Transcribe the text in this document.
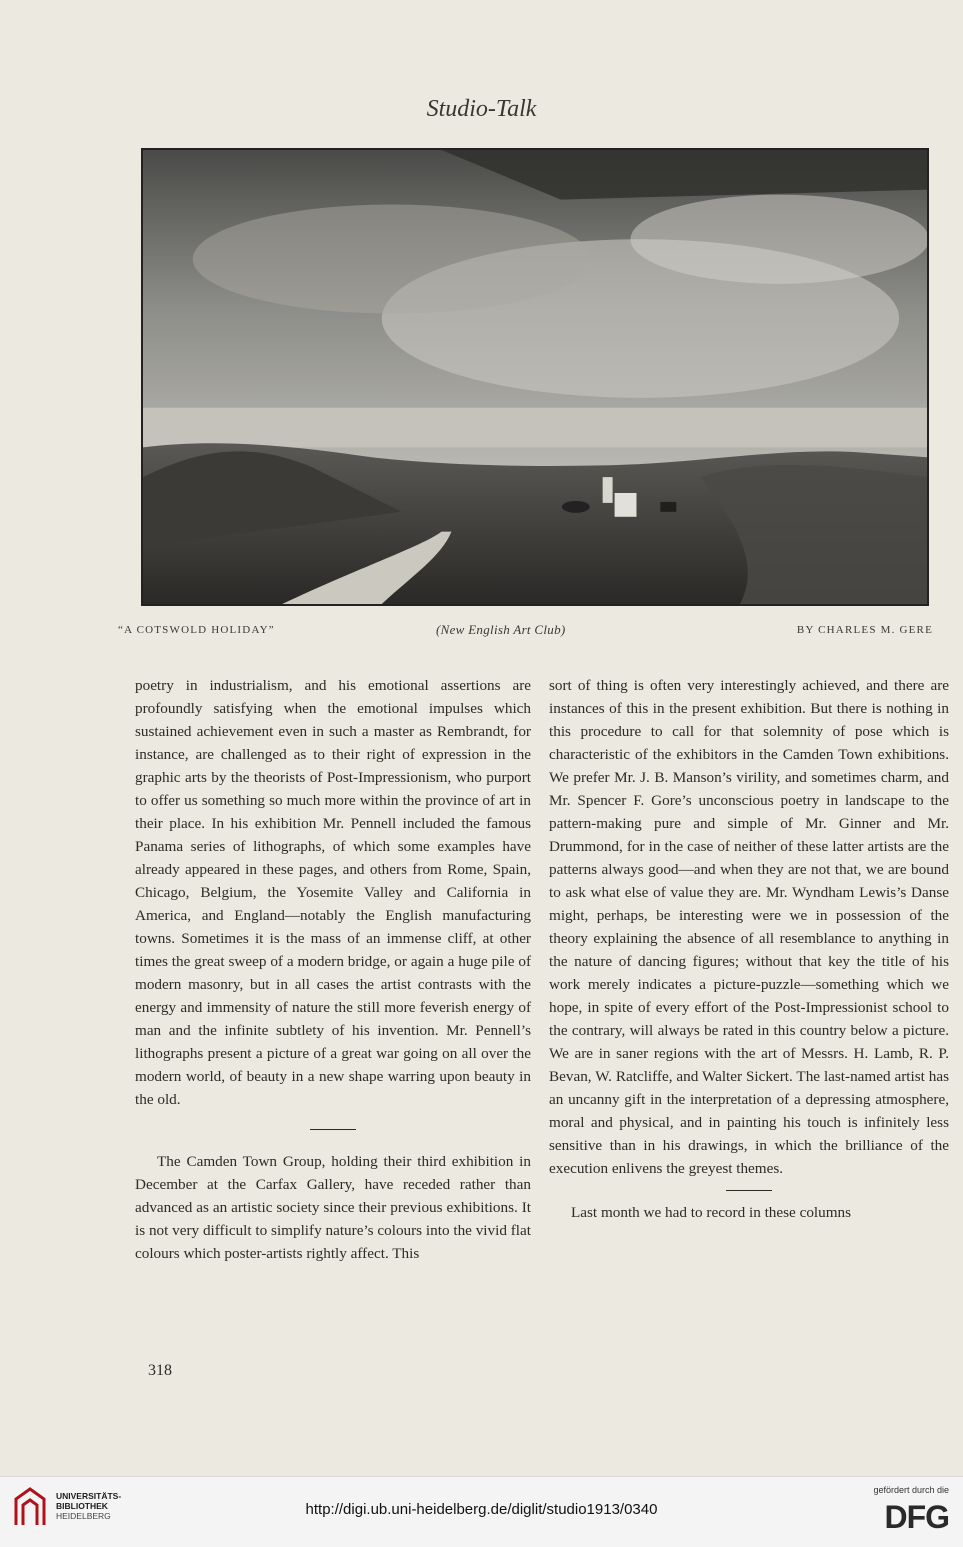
Studio-Talk
“A COTSWOLD HOLIDAY”	(New English Art Club)	BY CHARLES M. GERE

poetry in industrialism, and his emotional assertions are profoundly satisfying when the emotional impulses which sustained achievement even in such a master as Rembrandt, for instance, are challenged as to their right of expression in the graphic arts by the theorists of Post-Impressionism, who purport to offer us something so much more within the province of art in their place. In his exhibition Mr. Pennell included the famous Panama series of lithographs, of which some examples have already appeared in these pages, and others from Rome, Spain, Chicago, Belgium, the Yosemite Valley and California in America, and England—notably the English manufacturing towns. Sometimes it is the mass of an immense cliff, at other times the great sweep of a modern bridge, or again a huge pile of modern masonry, but in all cases the artist contrasts with the energy and immensity of nature the still more feverish energy of man and the infinite subtlety of his invention. Mr. Pennell’s lithographs present a picture of a great war going on all over the modern world, of beauty in a new shape warring upon beauty in the old.

The Camden Town Group, holding their third exhibition in December at the Carfax Gallery, have receded rather than advanced as an artistic society since their previous exhibitions. It is not very difficult to simplify nature’s colours into the vivid flat colours which poster-artists rightly affect. This

sort of thing is often very interestingly achieved, and there are instances of this in the present exhibition. But there is nothing in this procedure to call for that solemnity of pose which is characteristic of the exhibitors in the Camden Town exhibitions. We prefer Mr. J. B. Manson’s virility, and sometimes charm, and Mr. Spencer F. Gore’s unconscious poetry in landscape to the pattern-making pure and simple of Mr. Ginner and Mr. Drummond, for in the case of neither of these latter artists are the patterns always good—and when they are not that, we are bound to ask what else of value they are. Mr. Wyndham Lewis’s Danse might, perhaps, be interesting were we in possession of the theory explaining the absence of all resemblance to anything in the nature of dancing figures; without that key the title of his work merely indicates a picture-puzzle—something which we hope, in spite of every effort of the Post-Impressionist school to the contrary, will always be rated in this country below a picture. We are in saner regions with the art of Messrs. H. Lamb, R. P. Bevan, W. Ratcliffe, and Walter Sickert. The last-named artist has an uncanny gift in the interpretation of a depressing atmosphere, moral and physical, and in painting his touch is infinitely less sensitive than in his drawings, in which the brilliance of the execution enlivens the greyest themes.

Last month we had to record in these columns

318
UNIVERSITÄTS-
BIBLIOTHEK
HEIDELBERG	http://digi.ub.uni-heidelberg.de/diglit/studio1913/0340
gefördert durch die
DFG
